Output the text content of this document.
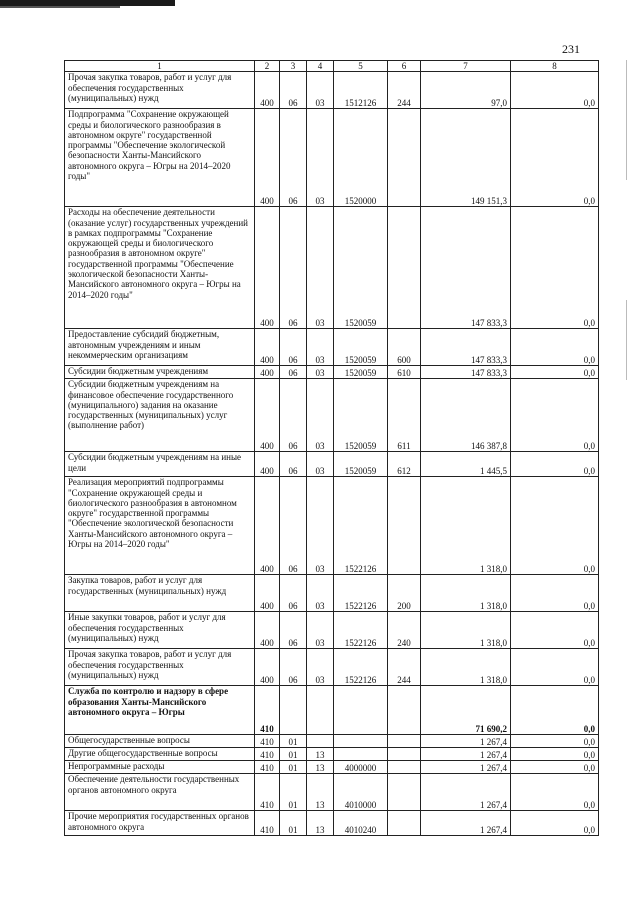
231
1	2	3	4	5	6	7	8
Прочая закупка товаров, работ и услуг для обеспечения государственных (муниципальных) нужд	400	06	03	1512126	244	97,0	0,0
Подпрограмма "Сохранение окружающей среды и биологического разнообразия в автономном округе" государственной программы "Обеспечение экологической безопасности Ханты-Мансийского автономного округа – Югры на 2014–2020 годы"	400	06	03	1520000		149 151,3	0,0
Расходы на обеспечение деятельности (оказание услуг) государственных учреждений в рамках подпрограммы "Сохранение окружающей среды и биологического разнообразия в автономном округе" государственной программы "Обеспечение экологической безопасности Ханты-Мансийского автономного округа – Югры на 2014–2020 годы"	400	06	03	1520059		147 833,3	0,0
Предоставление субсидий бюджетным, автономным учреждениям и иным некоммерческим организациям	400	06	03	1520059	600	147 833,3	0,0
Субсидии бюджетным учреждениям	400	06	03	1520059	610	147 833,3	0,0
Субсидии бюджетным учреждениям на финансовое обеспечение государственного (муниципального) задания на оказание государственных (муниципальных) услуг (выполнение работ)	400	06	03	1520059	611	146 387,8	0,0
Субсидии бюджетным учреждениям на иные цели	400	06	03	1520059	612	1 445,5	0,0
Реализация мероприятий подпрограммы "Сохранение окружающей среды и биологического разнообразия в автономном округе" государственной программы "Обеспечение экологической безопасности Ханты-Мансийского автономного округа – Югры на 2014–2020 годы"	400	06	03	1522126		1 318,0	0,0
Закупка товаров, работ и услуг для государственных (муниципальных) нужд	400	06	03	1522126	200	1 318,0	0,0
Иные закупки товаров, работ и услуг для обеспечения государственных (муниципальных) нужд	400	06	03	1522126	240	1 318,0	0,0
Прочая закупка товаров, работ и услуг для обеспечения государственных (муниципальных) нужд	400	06	03	1522126	244	1 318,0	0,0
Служба по контролю и надзору в сфере образования Ханты-Мансийского автономного округа – Югры	410					71 690,2	0,0
Общегосударственные вопросы	410	01				1 267,4	0,0
Другие общегосударственные вопросы	410	01	13			1 267,4	0,0
Непрограммные расходы	410	01	13	4000000		1 267,4	0,0
Обеспечение деятельности государственных органов автономного округа	410	01	13	4010000		1 267,4	0,0
Прочие мероприятия государственных органов автономного округа	410	01	13	4010240		1 267,4	0,0
